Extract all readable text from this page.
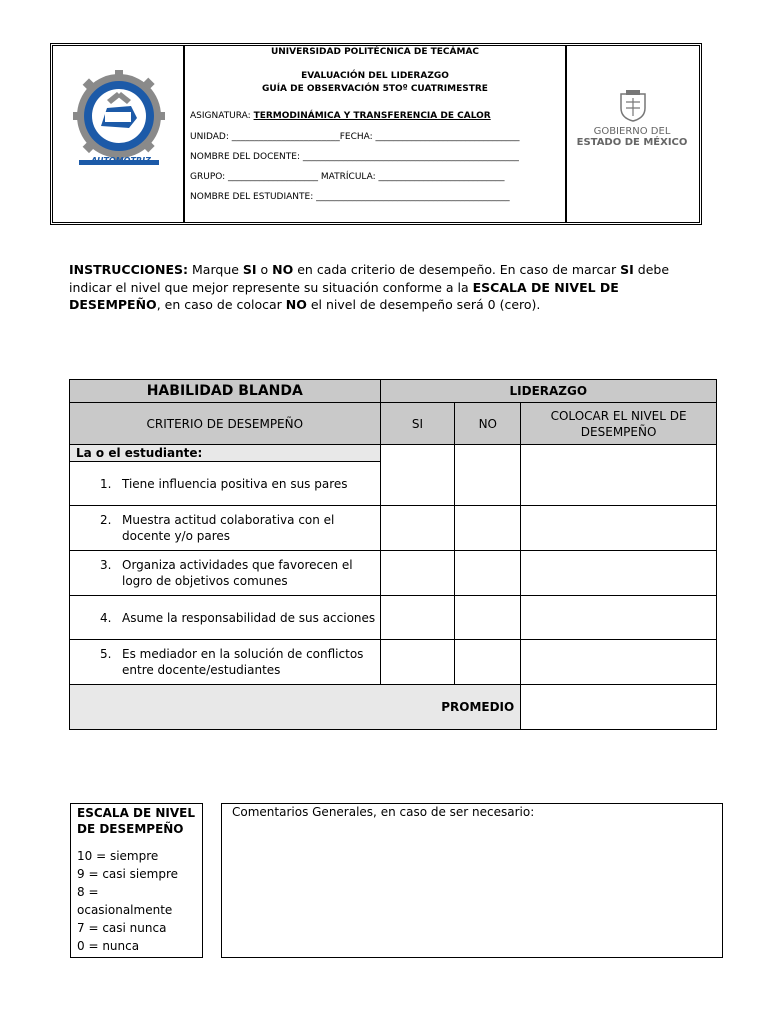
AUTOMOTRIZ
UNIVERSIDAD POLITÉCNICA DE TECÁMAC
EVALUACIÓN DEL LIDERAZGO
GUÍA DE OBSERVACIÓN 5TOº CUATRIMESTRE
ASIGNATURA: TERMODINÁMICA Y TRANSFERENCIA DE CALOR
UNIDAD: ________________________FECHA: ________________________________
NOMBRE DEL DOCENTE: ________________________________________________
GRUPO: ____________________ MATRÍCULA: ____________________________
NOMBRE DEL ESTUDIANTE: ___________________________________________
GOBIERNO DEL
ESTADO DE MÉXICO
INSTRUCCIONES: Marque SI o NO en cada criterio de desempeño. En caso de marcar SI debe indicar el nivel que mejor represente su situación conforme a la ESCALA DE NIVEL DE DESEMPEÑO, en caso de colocar NO el nivel de desempeño será 0 (cero).
HABILIDAD BLANDA	LIDERAZGO		
CRITERIO DE DESEMPEÑO	SI	NO	COLOCAR EL NIVEL DE DESEMPEÑO
La o el estudiante:			

1. Tiene influencia positiva en sus pares			

2. Muestra actitud colaborativa con el docente y/o pares			

3. Organiza actividades que favorecen el logro de objetivos comunes			

4. Asume la responsabilidad de sus acciones			

5. Es mediador en la solución de conflictos entre docente/estudiantes			
PROMEDIO			
ESCALA DE NIVEL DE DESEMPEÑO
10 = siempre
9 = casi siempre
8 = ocasionalmente
7 = casi nunca
0 = nunca
Comentarios Generales, en caso de ser necesario:
